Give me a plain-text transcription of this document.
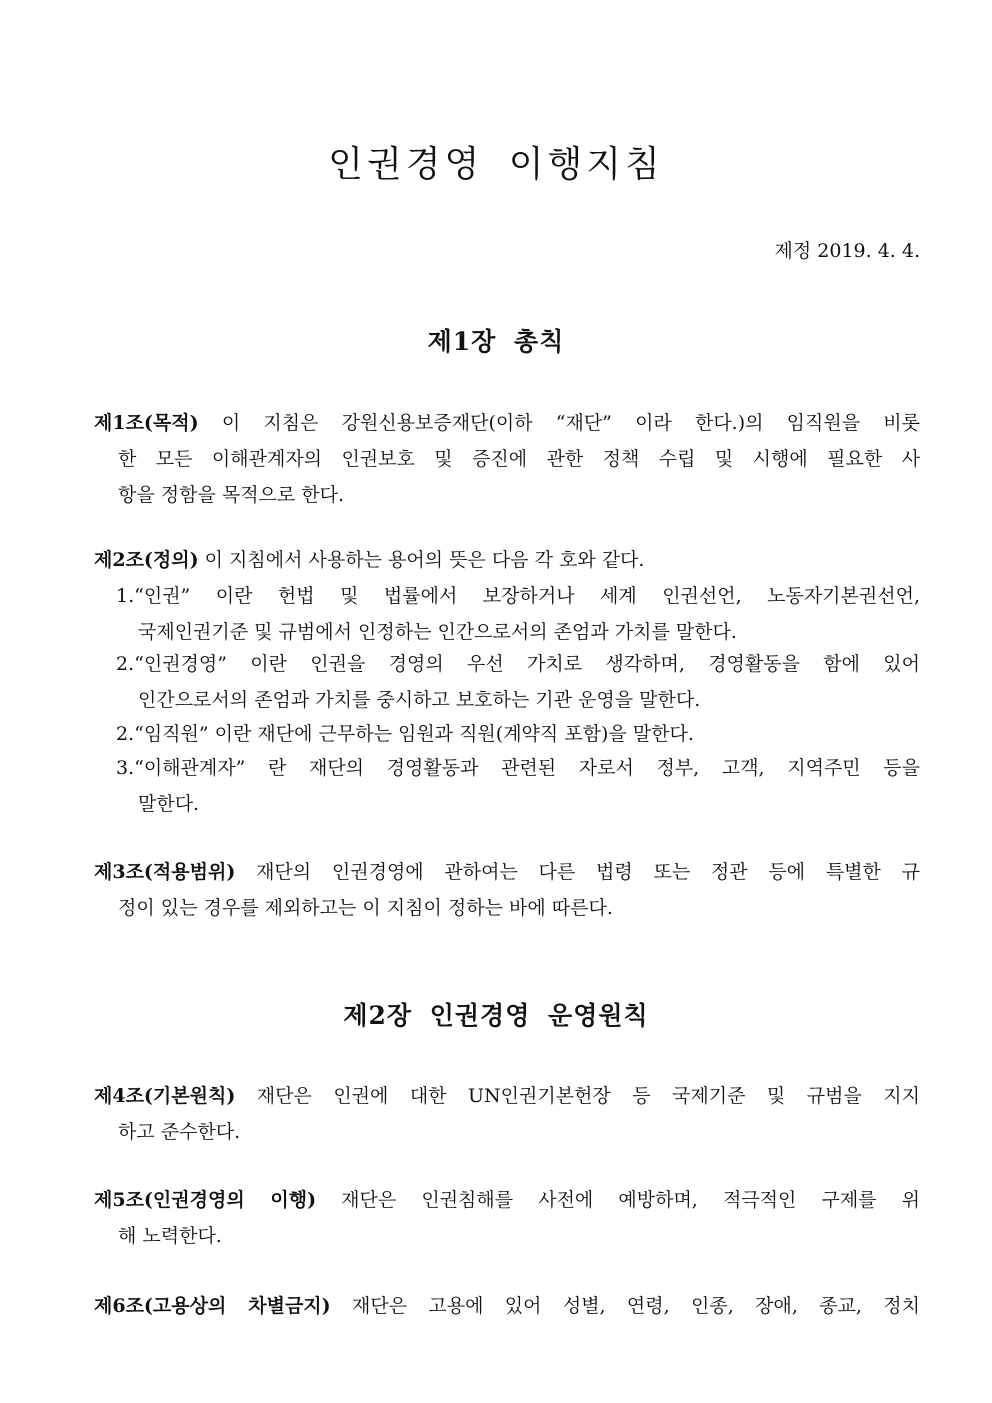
인권경영 이행지침
제정 2019. 4. 4.
제1장 총칙
제1조(목적) 이 지침은 강원신용보증재단(이하 “재단” 이라 한다.)의 임직원을 비롯
한 모든 이해관계자의 인권보호 및 증진에 관한 정책 수립 및 시행에 필요한 사
항을 정함을 목적으로 한다.
제2조(정의) 이 지침에서 사용하는 용어의 뜻은 다음 각 호와 같다.
1.“인권” 이란 헌법 및 법률에서 보장하거나 세계 인권선언, 노동자기본권선언,
국제인권기준 및 규범에서 인정하는 인간으로서의 존엄과 가치를 말한다.
2.“인권경영” 이란 인권을 경영의 우선 가치로 생각하며, 경영활동을 함에 있어
인간으로서의 존엄과 가치를 중시하고 보호하는 기관 운영을 말한다.
2.“임직원” 이란 재단에 근무하는 임원과 직원(계약직 포함)을 말한다.
3.“이해관계자” 란 재단의 경영활동과 관련된 자로서 정부, 고객, 지역주민 등을
말한다.
제3조(적용범위) 재단의 인권경영에 관하여는 다른 법령 또는 정관 등에 특별한 규
정이 있는 경우를 제외하고는 이 지침이 정하는 바에 따른다.
제2장 인권경영 운영원칙
제4조(기본원칙) 재단은 인권에 대한 UN인권기본헌장 등 국제기준 및 규범을 지지
하고 준수한다.
제5조(인권경영의 이행) 재단은 인권침해를 사전에 예방하며, 적극적인 구제를 위
해 노력한다.
제6조(고용상의 차별금지) 재단은 고용에 있어 성별, 연령, 인종, 장애, 종교, 정치
